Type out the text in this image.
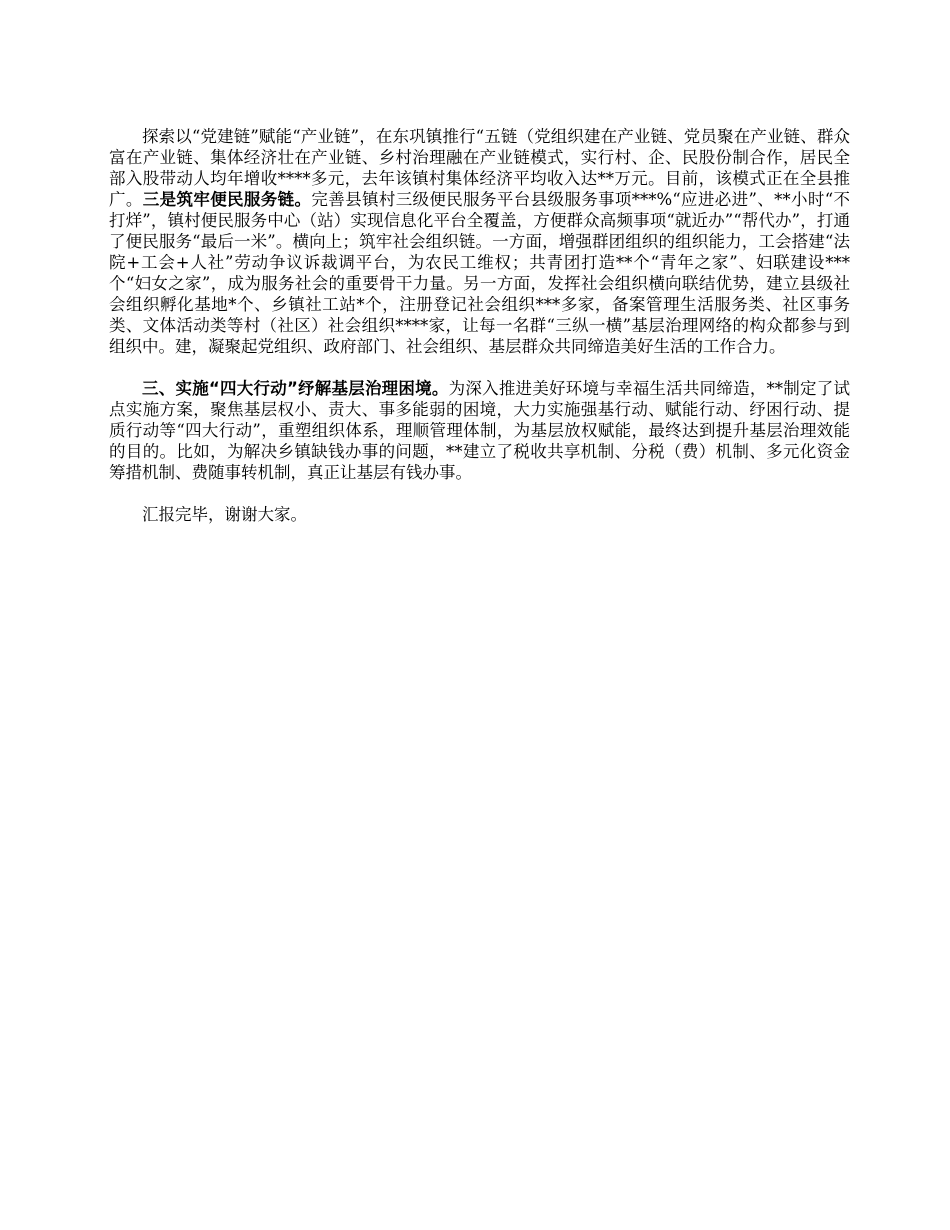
探索以“党建链”赋能“产业链”，在东巩镇推行“五链（党组织建在产业链、党员聚在产业链、群众富在产业链、集体经济壮在产业链、乡村治理融在产业链模式，实行村、企、民股份制合作，居民全部入股带动人均年增收****多元，去年该镇村集体经济平均收入达**万元。目前，该模式正在全县推广。三是筑牢便民服务链。完善县镇村三级便民服务平台县级服务事项***%“应进必进”、**小时“不打烊”，镇村便民服务中心（站）实现信息化平台全覆盖，方便群众高频事项“就近办”“帮代办”，打通了便民服务“最后一米”。横向上；筑牢社会组织链。一方面，增强群团组织的组织能力，工会搭建“法院+工会+人社”劳动争议诉裁调平台，为农民工维权；共青团打造**个“青年之家”、妇联建设***个“妇女之家”，成为服务社会的重要骨干力量。另一方面，发挥社会组织横向联结优势，建立县级社会组织孵化基地*个、乡镇社工站*个，注册登记社会组织***多家，备案管理生活服务类、社区事务类、文体活动类等村（社区）社会组织****家，让每一名群“三纵一横”基层治理网络的构众都参与到组织中。建，凝聚起党组织、政府部门、社会组织、基层群众共同缔造美好生活的工作合力。

三、实施“四大行动”纾解基层治理困境。为深入推进美好环境与幸福生活共同缔造，**制定了试点实施方案，聚焦基层权小、责大、事多能弱的困境，大力实施强基行动、赋能行动、纾困行动、提质行动等“四大行动”，重塑组织体系，理顺管理体制，为基层放权赋能，最终达到提升基层治理效能的目的。比如，为解决乡镇缺钱办事的问题，**建立了税收共享机制、分税（费）机制、多元化资金筹措机制、费随事转机制，真正让基层有钱办事。

汇报完毕，谢谢大家。
